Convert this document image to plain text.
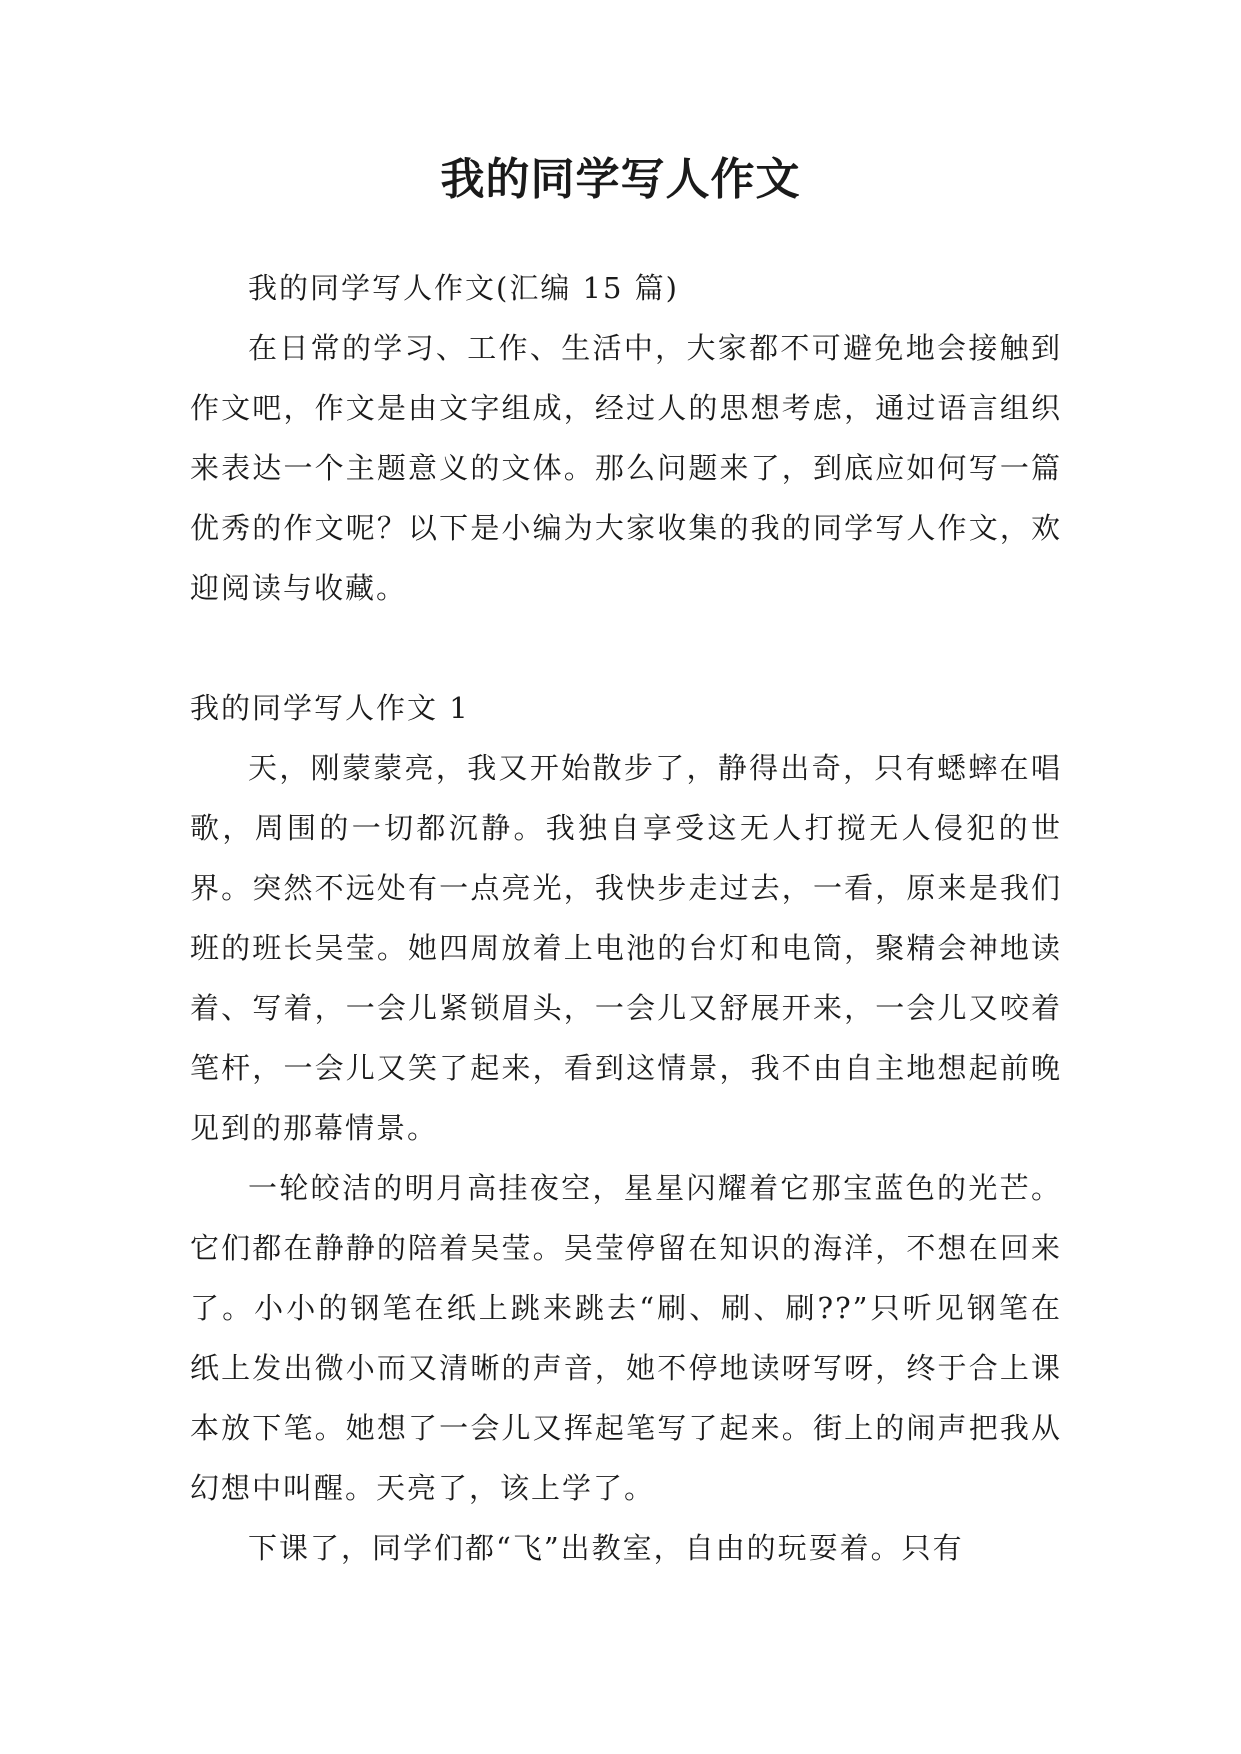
我的同学写人作文

我的同学写人作文(汇编 15 篇)

在日常的学习、工作、生活中，大家都不可避免地会接触到作文吧，作文是由文字组成，经过人的思想考虑，通过语言组织来表达一个主题意义的文体。那么问题来了，到底应如何写一篇优秀的作文呢？以下是小编为大家收集的我的同学写人作文，欢迎阅读与收藏。

我的同学写人作文 1

天，刚蒙蒙亮，我又开始散步了，静得出奇，只有蟋蟀在唱歌，周围的一切都沉静。我独自享受这无人打搅无人侵犯的世界。突然不远处有一点亮光，我快步走过去，一看，原来是我们班的班长吴莹。她四周放着上电池的台灯和电筒，聚精会神地读着、写着，一会儿紧锁眉头，一会儿又舒展开来，一会儿又咬着笔杆，一会儿又笑了起来，看到这情景，我不由自主地想起前晚见到的那幕情景。

一轮皎洁的明月高挂夜空，星星闪耀着它那宝蓝色的光芒。它们都在静静的陪着吴莹。吴莹停留在知识的海洋，不想在回来了。小小的钢笔在纸上跳来跳去“刷、刷、刷??”只听见钢笔在纸上发出微小而又清晰的声音，她不停地读呀写呀，终于合上课本放下笔。她想了一会儿又挥起笔写了起来。街上的闹声把我从幻想中叫醒。天亮了，该上学了。

下课了，同学们都“飞”出教室，自由的玩耍着。只有
